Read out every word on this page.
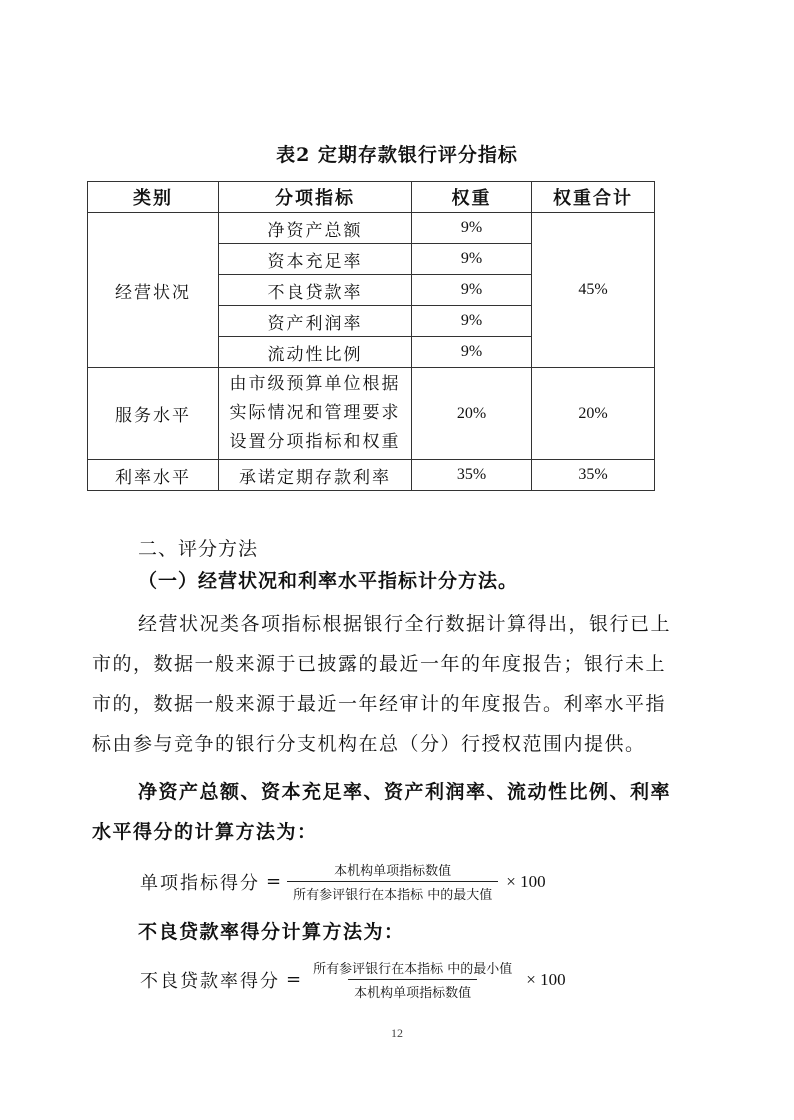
表2 定期存款银行评分指标
类别	分项指标	权重	权重合计
经营状况	净资产总额	9%	45%
	资本充足率	9%	
	不良贷款率	9%	
	资产利润率	9%	
	流动性比例	9%	
服务水平	由市级预算单位根据
实际情况和管理要求
设置分项指标和权重	20%	20%
利率水平	承诺定期存款利率	35%	35%
二、评分方法
（一）经营状况和利率水平指标计分方法。
经营状况类各项指标根据银行全行数据计算得出，银行已上
市的，数据一般来源于已披露的最近一年的年度报告；银行未上
市的，数据一般来源于最近一年经审计的年度报告。利率水平指
标由参与竞争的银行分支机构在总（分）行授权范围内提供。
净资产总额、资本充足率、资产利润率、流动性比例、利率
水平得分的计算方法为：
单项指标得分 = $\frac{\text{本机构单项指标数值}}{\text{所有参评银行在本指标 中的最大值}} \times 100$
不良贷款率得分计算方法为：
不良贷款率得分 = $\frac{\text{所有参评银行在本指标 中的最小值}}{\text{本机构单项指标数值}} \times 100$
12
